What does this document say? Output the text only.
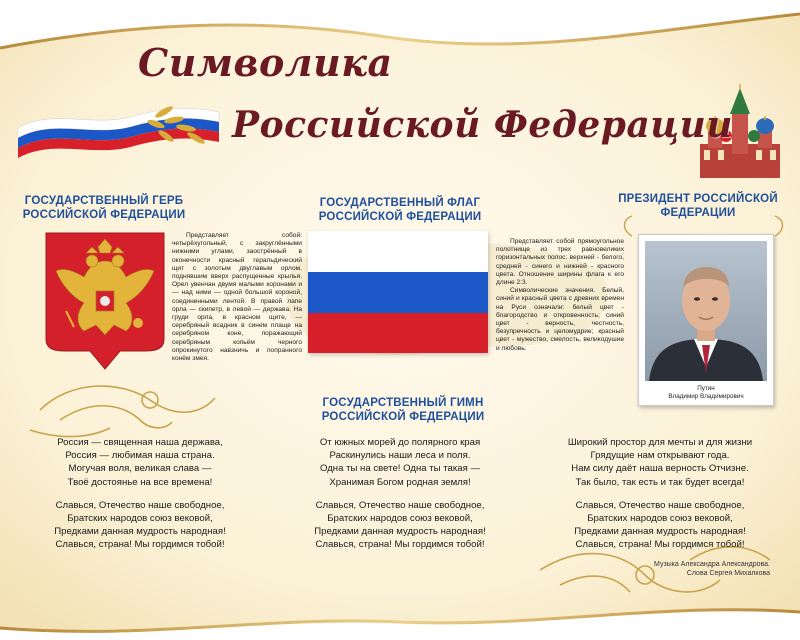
Символика
Российской Федерации
ГОСУДАРСТВЕННЫЙ ГЕРБ РОССИЙСКОЙ ФЕДЕРАЦИИ

Представляет собой: четырёхугольный, с закруглёнными нижними углами, заострённый в оконечности красный геральдический щит с золотым двуглавым орлом, поднявшим вверх распущенные крылья. Орел увенчан двумя малыми коронами и — над ними — одной большой короной, соединенными лентой. В правой лапе орла — скипетр, в левой — держава. На груди орла, в красном щите, — серебряный всадник в синем плаще на серебряном коне, поражающий серебряным копьём черного опрокинутого навзничь и попранного конём змея.

ГОСУДАРСТВЕННЫЙ ФЛАГ РОССИЙСКОЙ ФЕДЕРАЦИИ

Представляет собой прямоугольное полотнище из трех равновеликих горизонтальных полос: верхней - белого, средней - синего и нижней - красного цвета. Отношение ширины флага к его длине 2:3.

Символические значения. Белый, синий и красный цвета с древних времен на Руси означали: белый цвет - благородство и откровенность; синий цвет - верность, честность, безупречность и целомудрие; красный цвет - мужество, смелость, великодушие и любовь.

ПРЕЗИДЕНТ РОССИЙСКОЙ ФЕДЕРАЦИИ
Путин
Владимир Владимирович
ГОСУДАРСТВЕННЫЙ ГИМН РОССИЙСКОЙ ФЕДЕРАЦИИ
Россия — священная наша держава,
Россия — любимая наша страна.
Могучая воля, великая слава —
Твоё достоянье на все времена!
Славься, Отечество наше свободное,
Братских народов союз вековой,
Предками данная мудрость народная!
Славься, страна! Мы гордимся тобой!
От южных морей до полярного края
Раскинулись наши леса и поля.
Одна ты на свете! Одна ты такая —
Хранимая Богом родная земля!
Славься, Отечество наше свободное,
Братских народов союз вековой,
Предками данная мудрость народная!
Славься, страна! Мы гордимся тобой!
Широкий простор для мечты и для жизни
Грядущие нам открывают года.
Нам силу даёт наша верность Отчизне.
Так было, так есть и так будет всегда!
Славься, Отечество наше свободное,
Братских народов союз вековой,
Предками данная мудрость народная!
Славься, страна! Мы гордимся тобой!
Музыка Александра Александрова.
Слова Сергея Михалкова
